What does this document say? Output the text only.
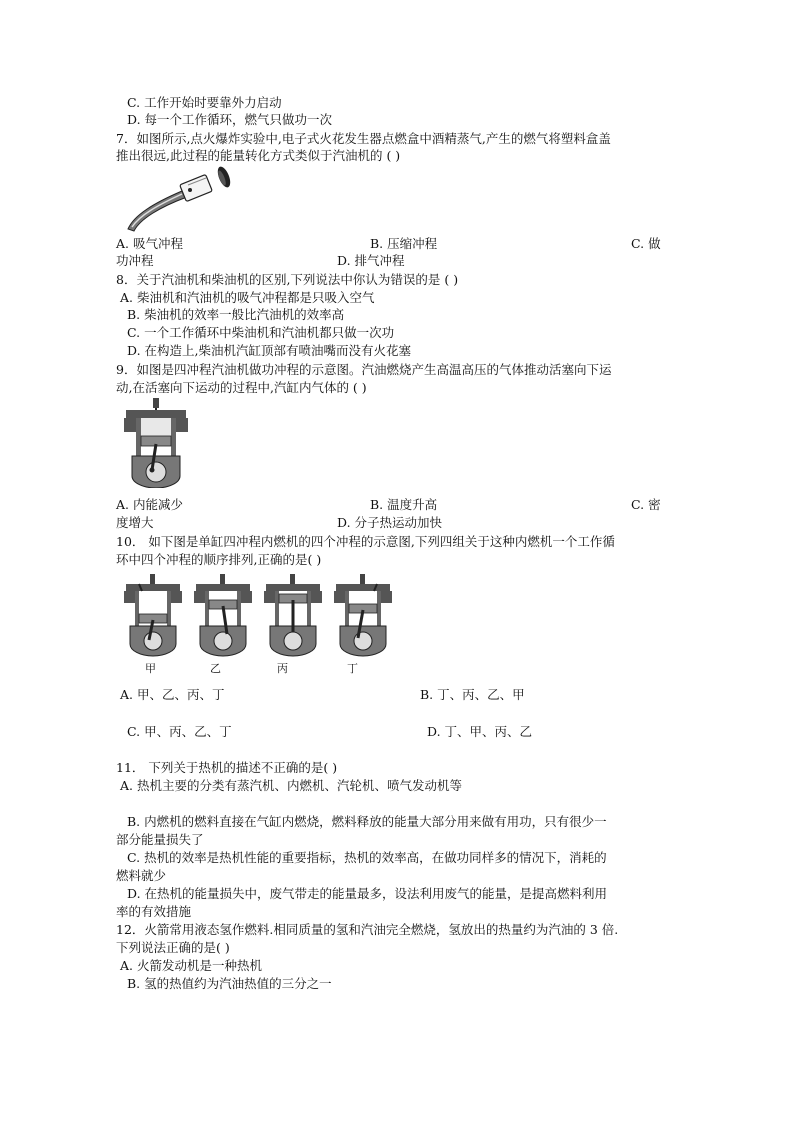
C. 工作开始时要靠外力启动
D. 每一个工作循环，燃气只做功一次
7．如图所示,点火爆炸实验中,电子式火花发生器点燃盒中酒精蒸气,产生的燃气将塑料盒盖
推出很远,此过程的能量转化方式类似于汽油机的 ( )
A. 吸气冲程	B. 压缩冲程	C. 做
功冲程	D. 排气冲程
8．关于汽油机和柴油机的区别,下列说法中你认为错误的是 ( )
A. 柴油机和汽油机的吸气冲程都是只吸入空气
B. 柴油机的效率一般比汽油机的效率高
C. 一个工作循环中柴油机和汽油机都只做一次功
D. 在构造上,柴油机汽缸顶部有喷油嘴而没有火花塞
9．如图是四冲程汽油机做功冲程的示意图。汽油燃烧产生高温高压的气体推动活塞向下运
动,在活塞向下运动的过程中,汽缸内气体的 ( )
A. 内能减少	B. 温度升高	C. 密
度增大	D. 分子热运动加快
10． 如下图是单缸四冲程内燃机的四个冲程的示意图,下列四组关于这种内燃机一个工作循
环中四个冲程的顺序排列,正确的是( )
甲	乙	丙	丁
A. 甲、乙、丙、丁	B. 丁、丙、乙、甲
C. 甲、丙、乙、丁	D. 丁、甲、丙、乙
11． 下列关于热机的描述不正确的是( )
A. 热机主要的分类有蒸汽机、内燃机、汽轮机、喷气发动机等
B. 内燃机的燃料直接在气缸内燃烧，燃料释放的能量大部分用来做有用功，只有很少一
部分能量损失了
C. 热机的效率是热机性能的重要指标，热机的效率高，在做功同样多的情况下，消耗的
燃料就少
D. 在热机的能量损失中，废气带走的能量最多，设法利用废气的能量，是提高燃料利用
率的有效措施
12．火箭常用液态氢作燃料.相同质量的氢和汽油完全燃烧，氢放出的热量约为汽油的 3 倍.
下列说法正确的是( )
A. 火箭发动机是一种热机
B. 氢的热值约为汽油热值的三分之一
